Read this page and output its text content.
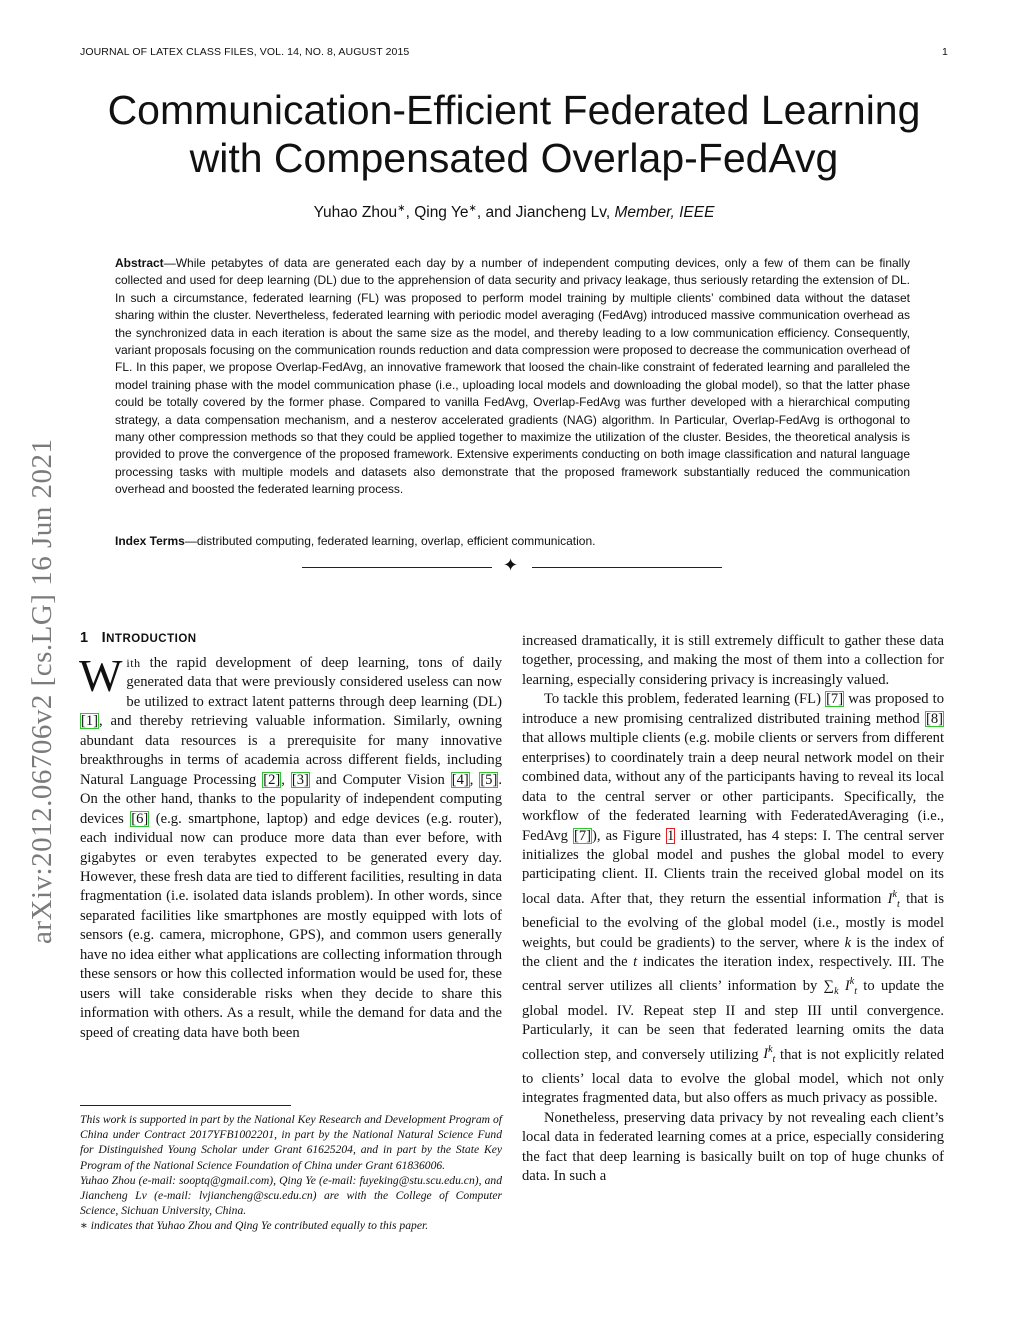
JOURNAL OF LATEX CLASS FILES, VOL. 14, NO. 8, AUGUST 2015	1
arXiv:2012.06706v2 [cs.LG] 16 Jun 2021
Communication-Efficient Federated Learning
with Compensated Overlap-FedAvg
Yuhao Zhou∗, Qing Ye∗, and Jiancheng Lv, Member, IEEE

Abstract—While petabytes of data are generated each day by a number of independent computing devices, only a few of them can be finally collected and used for deep learning (DL) due to the apprehension of data security and privacy leakage, thus seriously retarding the extension of DL. In such a circumstance, federated learning (FL) was proposed to perform model training by multiple clients’ combined data without the dataset sharing within the cluster. Nevertheless, federated learning with periodic model averaging (FedAvg) introduced massive communication overhead as the synchronized data in each iteration is about the same size as the model, and thereby leading to a low communication efficiency. Consequently, variant proposals focusing on the communication rounds reduction and data compression were proposed to decrease the communication overhead of FL. In this paper, we propose Overlap-FedAvg, an innovative framework that loosed the chain-like constraint of federated learning and paralleled the model training phase with the model communication phase (i.e., uploading local models and downloading the global model), so that the latter phase could be totally covered by the former phase. Compared to vanilla FedAvg, Overlap-FedAvg was further developed with a hierarchical computing strategy, a data compensation mechanism, and a nesterov accelerated gradients (NAG) algorithm. In Particular, Overlap-FedAvg is orthogonal to many other compression methods so that they could be applied together to maximize the utilization of the cluster. Besides, the theoretical analysis is provided to prove the convergence of the proposed framework. Extensive experiments conducting on both image classification and natural language processing tasks with multiple models and datasets also demonstrate that the proposed framework substantially reduced the communication overhead and boosted the federated learning process.

Index Terms—distributed computing, federated learning, overlap, efficient communication.

✦
1 INTRODUCTION

With the rapid development of deep learning, tons of daily generated data that were previously considered useless can now be utilized to extract latent patterns through deep learning (DL) [1], and thereby retrieving valuable information. Similarly, owning abundant data resources is a prerequisite for many innovative breakthroughs in terms of academia across different fields, including Natural Language Processing [2], [3] and Computer Vision [4], [5]. On the other hand, thanks to the popularity of independent computing devices [6] (e.g. smartphone, laptop) and edge devices (e.g. router), each individual now can produce more data than ever before, with gigabytes or even terabytes expected to be generated every day. However, these fresh data are tied to different facilities, resulting in data fragmentation (i.e. isolated data islands problem). In other words, since separated facilities like smartphones are mostly equipped with lots of sensors (e.g. camera, microphone, GPS), and common users generally have no idea either what applications are collecting information through these sensors or how this collected information would be used for, these users will take considerable risks when they decide to share this information with others. As a result, while the demand for data and the speed of creating data have both been

This work is supported in part by the National Key Research and Development Program of China under Contract 2017YFB1002201, in part by the National Natural Science Fund for Distinguished Young Scholar under Grant 61625204, and in part by the State Key Program of the National Science Foundation of China under Grant 61836006.

Yuhao Zhou (e-mail: sooptq@gmail.com), Qing Ye (e-mail: fuyeking@stu.scu.edu.cn), and Jiancheng Lv (e-mail: lvjiancheng@scu.edu.cn) are with the College of Computer Science, Sichuan University, China.

∗ indicates that Yuhao Zhou and Qing Ye contributed equally to this paper.

increased dramatically, it is still extremely difficult to gather these data together, processing, and making the most of them into a collection for learning, especially considering privacy is increasingly valued.

To tackle this problem, federated learning (FL) [7] was proposed to introduce a new promising centralized distributed training method [8] that allows multiple clients (e.g. mobile clients or servers from different enterprises) to coordinately train a deep neural network model on their combined data, without any of the participants having to reveal its local data to the central server or other participants. Specifically, the workflow of the federated learning with FederatedAveraging (i.e., FedAvg [7]), as Figure 1 illustrated, has 4 steps: I. The central server initializes the global model and pushes the global model to every participating client. II. Clients train the received global model on its local data. After that, they return the essential information $I^k_t$ that is beneficial to the evolving of the global model (i.e., mostly is model weights, but could be gradients) to the server, where k is the index of the client and the t indicates the iteration index, respectively. III. The central server utilizes all clients’ information by $\sum_k$ $I^k_t$ to update the global model. IV. Repeat step II and step III until convergence. Particularly, it can be seen that federated learning omits the data collection step, and conversely utilizing $I^k_t$ that is not explicitly related to clients’ local data to evolve the global model, which not only integrates fragmented data, but also offers as much privacy as possible.

Nonetheless, preserving data privacy by not revealing each client’s local data in federated learning comes at a price, especially considering the fact that deep learning is basically built on top of huge chunks of data. In such a
